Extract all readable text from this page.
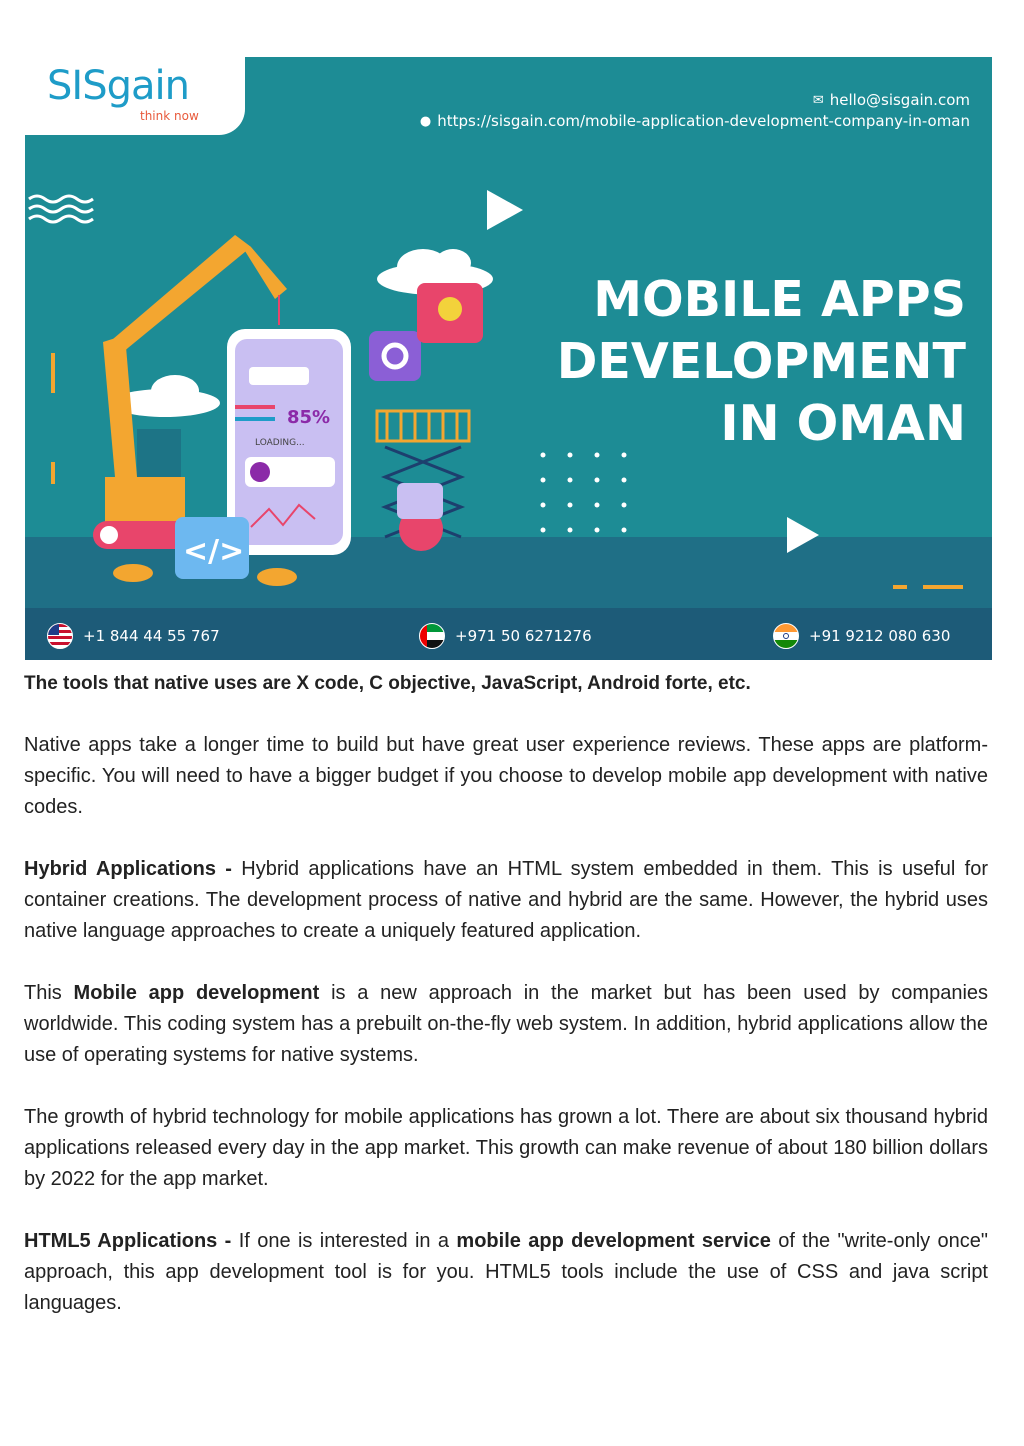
85%
LOADING...
</>
SISgain
think now
✉ hello@sisgain.com
● https://sisgain.com/mobile-application-development-company-in-oman
MOBILE APPS
DEVELOPMENT
IN OMAN
+1 844 44 55 767	+971 50 6271276	+91 9212 080 630

The tools that native uses are X code, C objective, JavaScript, Android forte, etc.

Native apps take a longer time to build but have great user experience reviews. These apps are platform-specific. You will need to have a bigger budget if you choose to develop mobile app development with native codes.

Hybrid Applications - Hybrid applications have an HTML system embedded in them. This is useful for container creations. The development process of native and hybrid are the same. However, the hybrid uses native language approaches to create a uniquely featured application.

This Mobile app development is a new approach in the market but has been used by companies worldwide. This coding system has a prebuilt on-the-fly web system. In addition, hybrid applications allow the use of operating systems for native systems.

The growth of hybrid technology for mobile applications has grown a lot. There are about six thousand hybrid applications released every day in the app market. This growth can make revenue of about 180 billion dollars by 2022 for the app market.

HTML5 Applications - If one is interested in a mobile app development service of the "write-only once" approach, this app development tool is for you. HTML5 tools include the use of CSS and java script languages.
